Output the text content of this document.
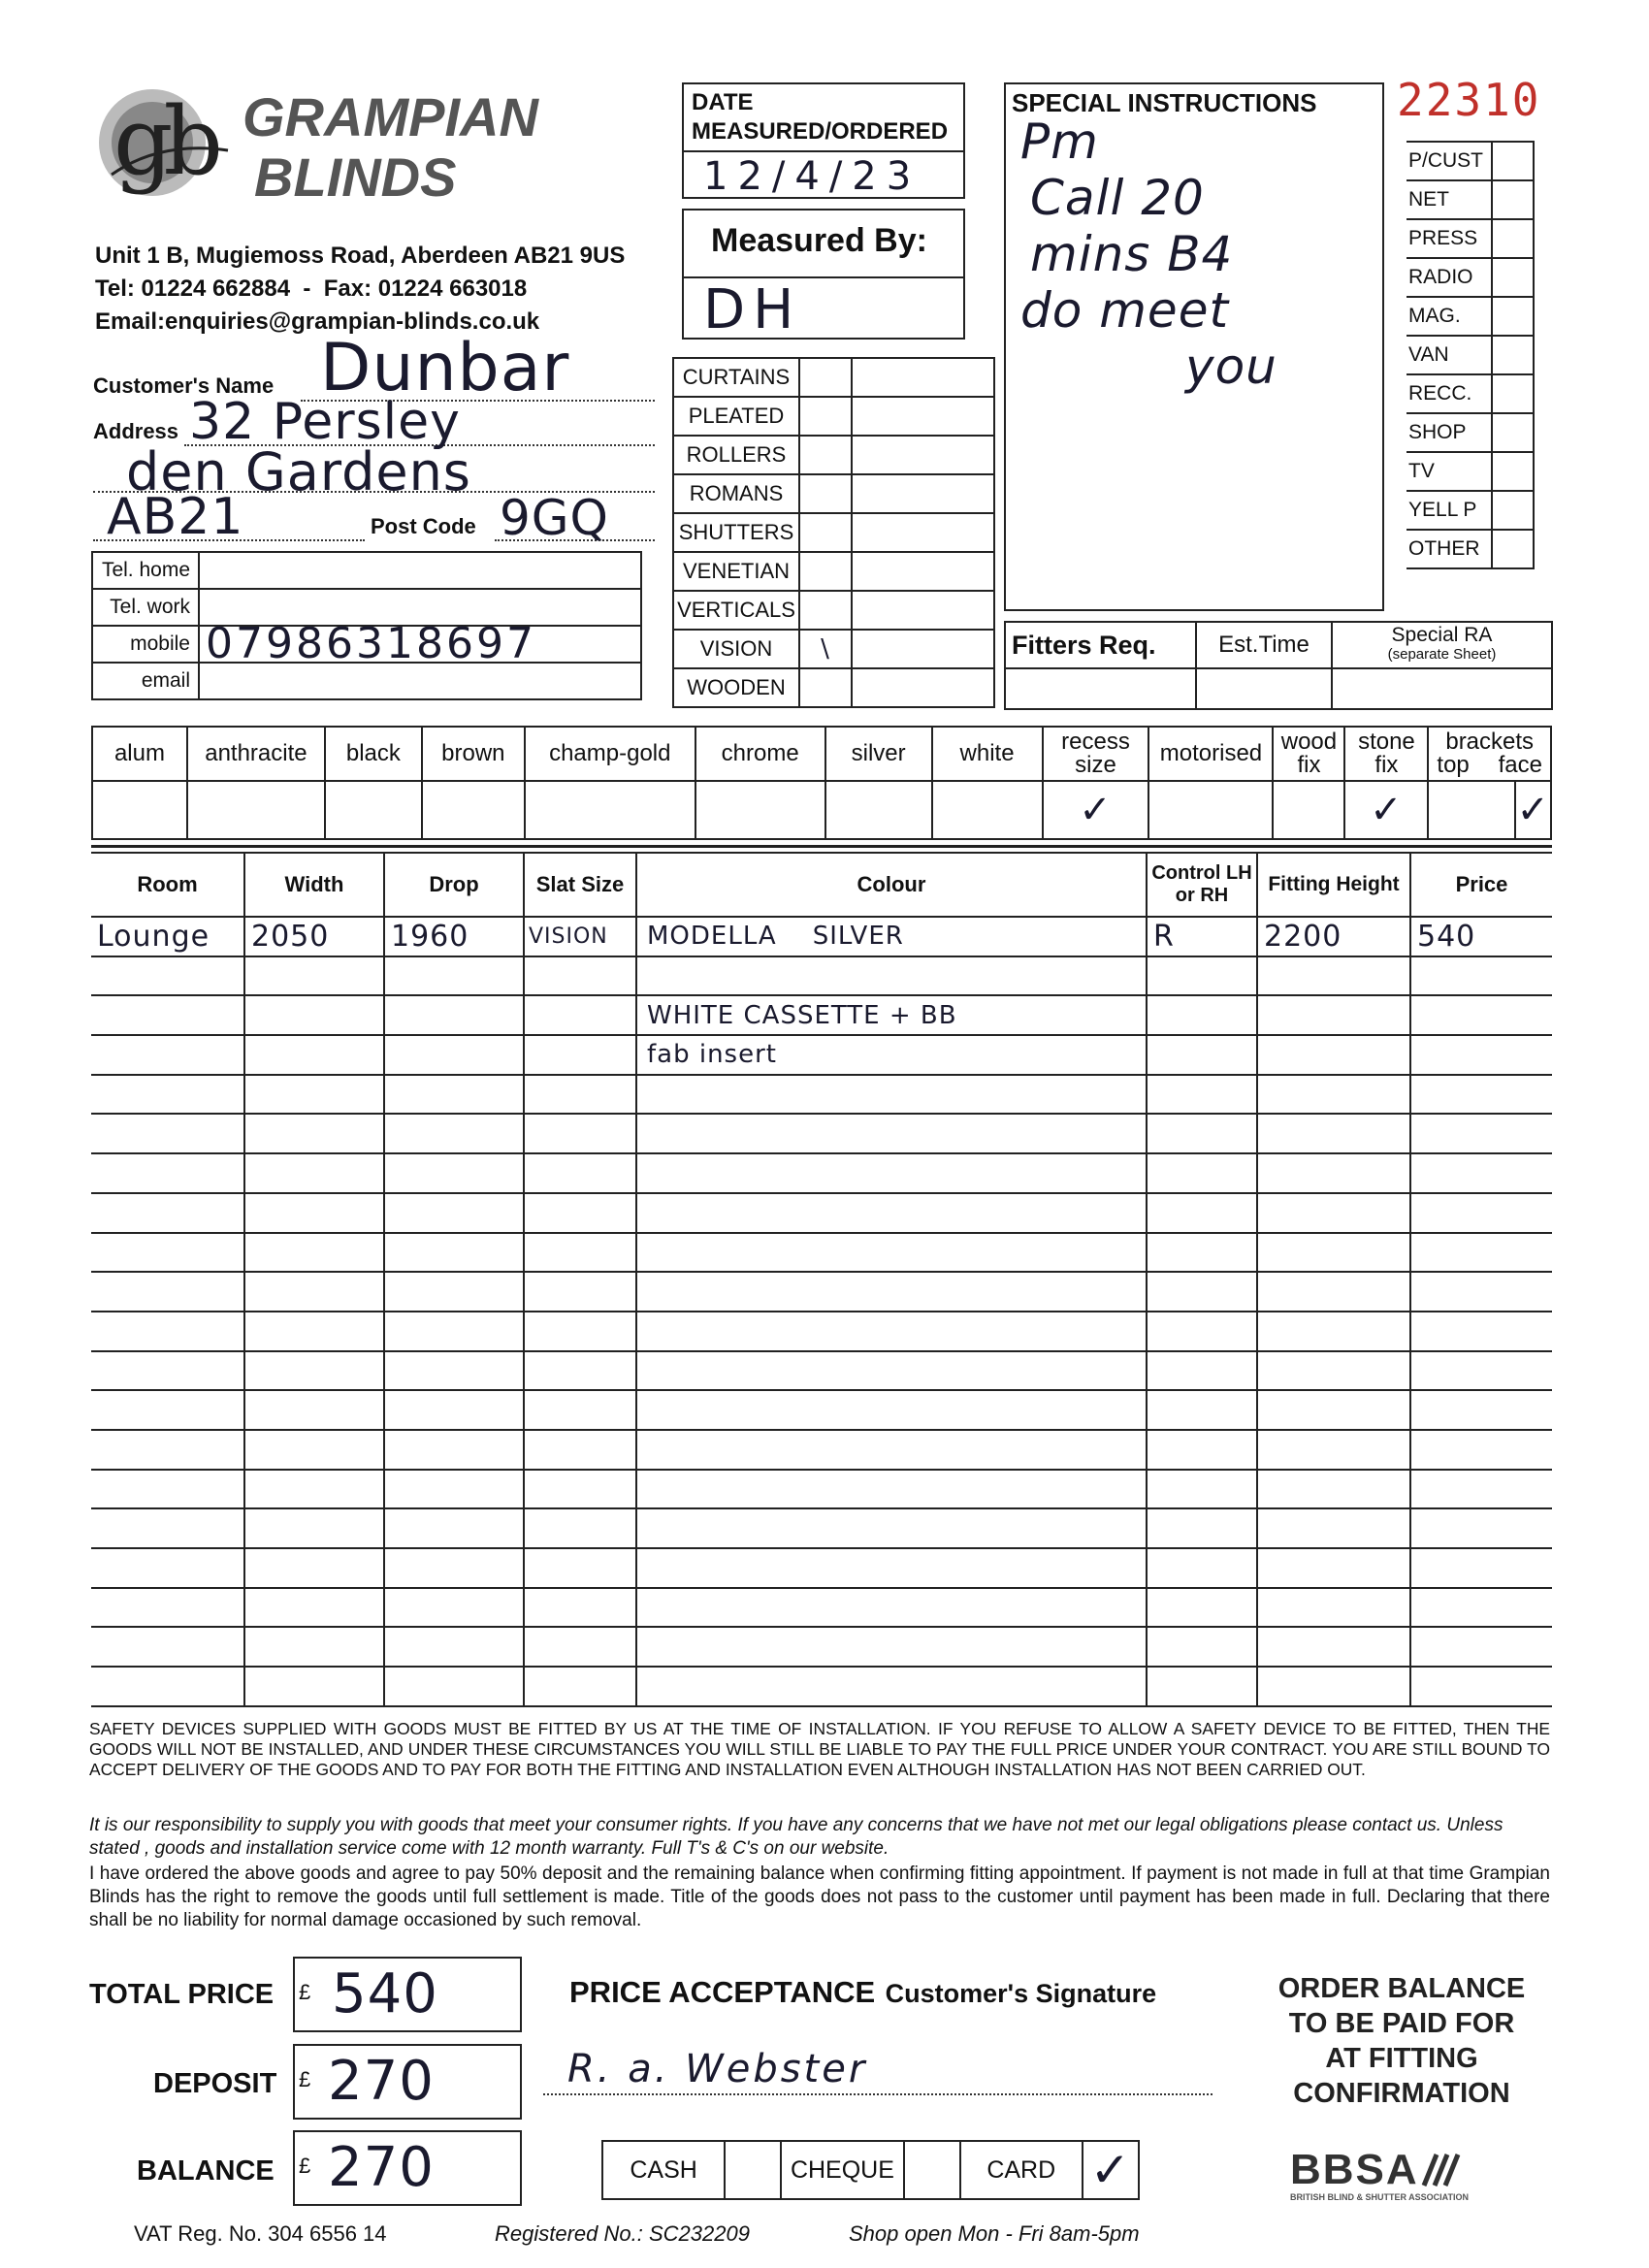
gb GRAMPIAN
BLINDS
Unit 1 B, Mugiemoss Road, Aberdeen AB21 9US
Tel: 01224 662884  -  Fax: 01224 663018
Email:enquiries@grampian-blinds.co.uk
DATE
MEASURED/ORDERED
12/4/23
Measured By:
DH
Customer's Name Dunbar
Address 32 Persley
den Gardens
AB21	Post Code 9GQ
Tel. home	
Tel. work	
mobile	07986318697
email	
CURTAINS		
PLEATED		
ROLLERS		
ROMANS		
SHUTTERS		
VENETIAN		
VERTICALS		
VISION	\	
WOODEN		
SPECIAL INSTRUCTIONS
Pm
Call 20
mins B4
do meet
you
22310
P/CUST	
NET	
PRESS	
RADIO	
MAG.	
VAN	
RECC.	
SHOP	
TV	
YELL P	
OTHER	
Fitters Req.	Est.Time	Special RA
(separate Sheet)

alum	anthracite	black	brown	champ-gold	chrome	silver	white	recess size	motorised	wood fix	stone fix	brackets
top face	

								✓			✓		✓
Room	Width	Drop	Slat Size	Colour	Control LH or RH	Fitting Height	Price
Lounge	2050	1960	VISION	MODELLA    SILVER	R	2200	540

				WHITE CASSETTE + BB			
				fab insert			

SAFETY DEVICES SUPPLIED WITH GOODS MUST BE FITTED BY US AT THE TIME OF INSTALLATION. IF YOU REFUSE TO ALLOW A SAFETY DEVICE TO BE FITTED, THEN THE GOODS WILL NOT BE INSTALLED, AND UNDER THESE CIRCUMSTANCES YOU WILL STILL BE LIABLE TO PAY THE FULL PRICE UNDER YOUR CONTRACT. YOU ARE STILL BOUND TO ACCEPT DELIVERY OF THE GOODS AND TO PAY FOR BOTH THE FITTING AND INSTALLATION EVEN ALTHOUGH INSTALLATION HAS NOT BEEN CARRIED OUT.
It is our responsibility to supply you with goods that meet your consumer rights. If you have any concerns that we have not met our legal obligations please contact us. Unless stated , goods and installation service come with 12 month warranty. Full T's & C's on our website.
I have ordered the above goods and agree to pay 50% deposit and the remaining balance when confirming fitting appointment. If payment is not made in full at that time Grampian Blinds has the right to remove the goods until full settlement is made. Title of the goods does not pass to the customer until payment has been made in full. Declaring that there shall be no liability for normal damage occasioned by such removal.
TOTAL PRICE £ 540
DEPOSIT £ 270
BALANCE £ 270
PRICE ACCEPTANCE Customer's Signature
R. a. Webster
CASH		CHEQUE		CARD	✓
ORDER BALANCE
TO BE PAID FOR
AT FITTING
CONFIRMATION
BBSA
BRITISH BLIND & SHUTTER ASSOCIATION
VAT Reg. No. 304 6556 14	Registered No.: SC232209	Shop open Mon - Fri 8am-5pm
